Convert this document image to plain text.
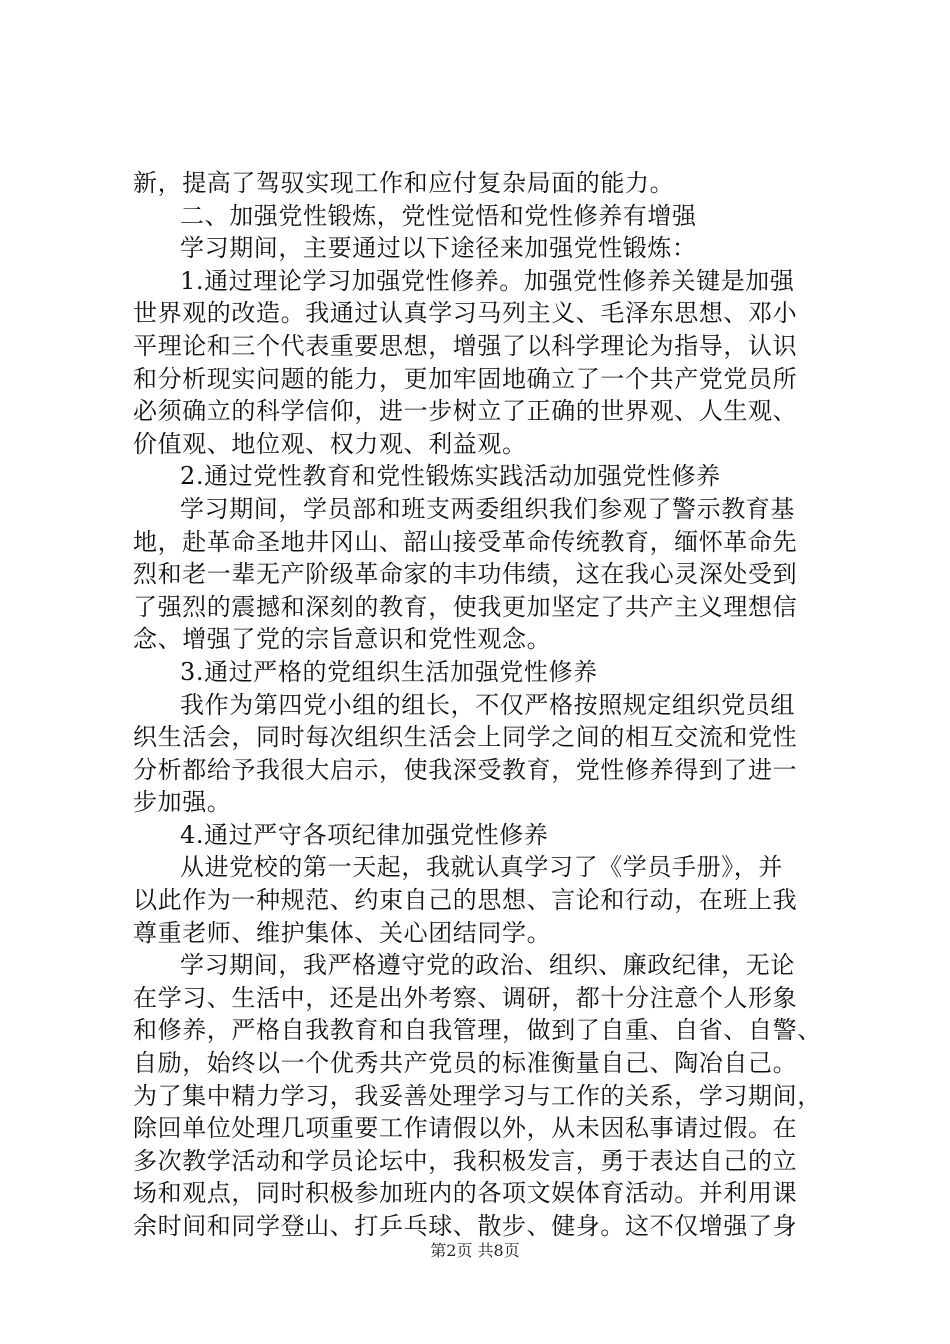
新，提高了驾驭实现工作和应付复杂局面的能力。
二、加强党性锻炼，党性觉悟和党性修养有增强
学习期间，主要通过以下途径来加强党性锻炼：
1.通过理论学习加强党性修养。加强党性修养关键是加强
世界观的改造。我通过认真学习马列主义、毛泽东思想、邓小
平理论和三个代表重要思想，增强了以科学理论为指导，认识
和分析现实问题的能力，更加牢固地确立了一个共产党党员所
必须确立的科学信仰，进一步树立了正确的世界观、人生观、
价值观、地位观、权力观、利益观。
2.通过党性教育和党性锻炼实践活动加强党性修养
学习期间，学员部和班支两委组织我们参观了警示教育基
地，赴革命圣地井冈山、韶山接受革命传统教育，缅怀革命先
烈和老一辈无产阶级革命家的丰功伟绩，这在我心灵深处受到
了强烈的震撼和深刻的教育，使我更加坚定了共产主义理想信
念、增强了党的宗旨意识和党性观念。
3.通过严格的党组织生活加强党性修养
我作为第四党小组的组长，不仅严格按照规定组织党员组
织生活会，同时每次组织生活会上同学之间的相互交流和党性
分析都给予我很大启示，使我深受教育，党性修养得到了进一
步加强。
4.通过严守各项纪律加强党性修养
从进党校的第一天起，我就认真学习了《学员手册》，并
以此作为一种规范、约束自己的思想、言论和行动，在班上我
尊重老师、维护集体、关心团结同学。
学习期间，我严格遵守党的政治、组织、廉政纪律，无论
在学习、生活中，还是出外考察、调研，都十分注意个人形象
和修养，严格自我教育和自我管理，做到了自重、自省、自警、
自励，始终以一个优秀共产党员的标准衡量自己、陶冶自己。
为了集中精力学习，我妥善处理学习与工作的关系，学习期间，
除回单位处理几项重要工作请假以外，从未因私事请过假。在
多次教学活动和学员论坛中，我积极发言，勇于表达自己的立
场和观点，同时积极参加班内的各项文娱体育活动。并利用课
余时间和同学登山、打乒乓球、散步、健身。这不仅增强了身
第2页 共8页
